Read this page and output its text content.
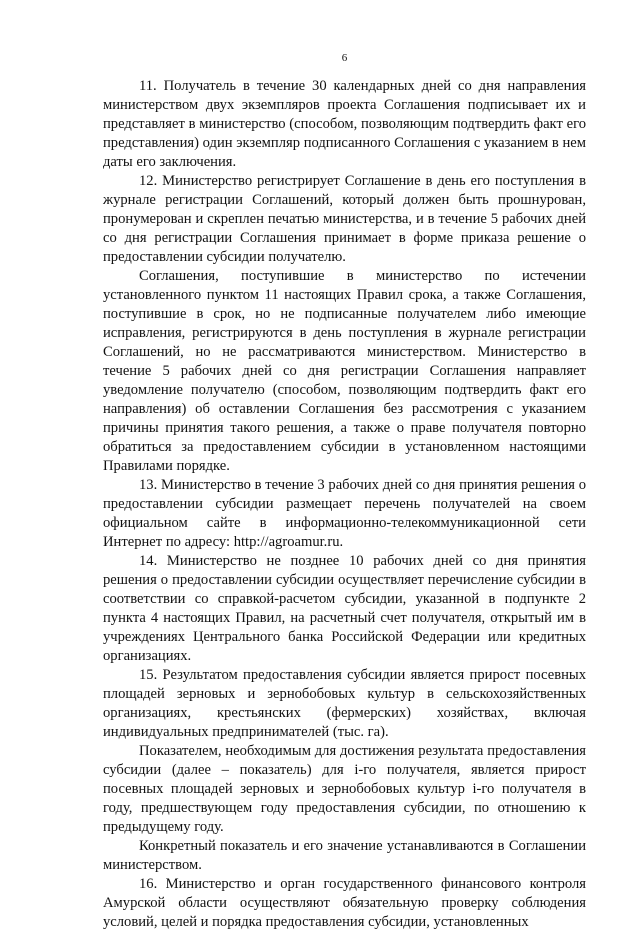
6

11. Получатель в течение 30 календарных дней со дня направления министерством двух экземпляров проекта Соглашения подписывает их и представляет в министерство (способом, позволяющим подтвердить факт его представления) один экземпляр подписанного Соглашения с указанием в нем даты его заключения.

12. Министерство регистрирует Соглашение в день его поступления в журнале регистрации Соглашений, который должен быть прошнурован, пронумерован и скреплен печатью министерства, и в течение 5 рабочих дней со дня регистрации Соглашения принимает в форме приказа решение о предоставлении субсидии получателю.

Соглашения, поступившие в министерство по истечении установленного пунктом 11 настоящих Правил срока, а также Соглашения, поступившие в срок, но не подписанные получателем либо имеющие исправления, регистрируются в день поступления в журнале регистрации Соглашений, но не рассматриваются министерством. Министерство в течение 5 рабочих дней со дня регистрации Соглашения направляет уведомление получателю (способом, позволяющим подтвердить факт его направления) об оставлении Соглашения без рассмотрения с указанием причины принятия такого решения, а также о праве получателя повторно обратиться за предоставлением субсидии в установленном настоящими Правилами порядке.

13. Министерство в течение 3 рабочих дней со дня принятия решения о предоставлении субсидии размещает перечень получателей на своем официальном сайте в информационно-телекоммуникационной сети Интернет по адресу: http://agroamur.ru.

14. Министерство не позднее 10 рабочих дней со дня принятия решения о предоставлении субсидии осуществляет перечисление субсидии в соответствии со справкой-расчетом субсидии, указанной в подпункте 2 пункта 4 настоящих Правил, на расчетный счет получателя, открытый им в учреждениях Центрального банка Российской Федерации или кредитных организациях.

15. Результатом предоставления субсидии является прирост посевных площадей зерновых и зернобобовых культур в сельскохозяйственных организациях, крестьянских (фермерских) хозяйствах, включая индивидуальных предпринимателей (тыс. га).

Показателем, необходимым для достижения результата предоставления субсидии (далее – показатель) для i-го получателя, является прирост посевных площадей зерновых и зернобобовых культур i-го получателя в году, предшествующем году предоставления субсидии, по отношению к предыдущему году.

Конкретный показатель и его значение устанавливаются в Соглашении министерством.

16. Министерство и орган государственного финансового контроля Амурской области осуществляют обязательную проверку соблюдения условий, целей и порядка предоставления субсидии, установленных
